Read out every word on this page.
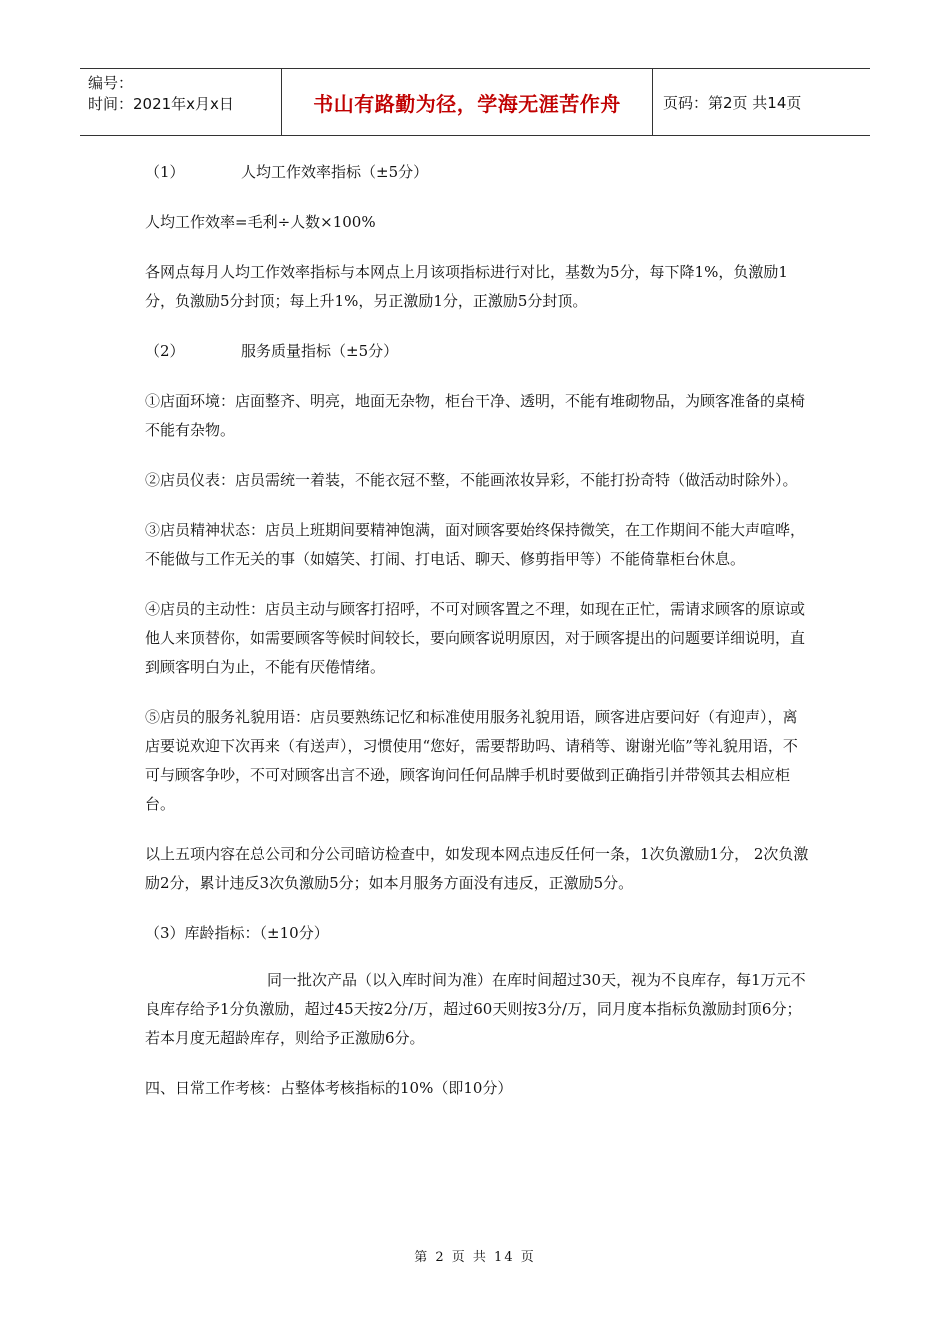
编号：
时间：2021年x月x日	书山有路勤为径，学海无涯苦作舟	页码：第2页 共14页

（1）	人均工作效率指标（±5分）

人均工作效率=毛利÷人数×100%

各网点每月人均工作效率指标与本网点上月该项指标进行对比，基数为5分，每下降1%，负激励1分，负激励5分封顶；每上升1%，另正激励1分，正激励5分封顶。

（2）	服务质量指标（±5分）

①店面环境：店面整齐、明亮，地面无杂物，柜台干净、透明，不能有堆砌物品，为顾客准备的桌椅不能有杂物。

②店员仪表：店员需统一着装，不能衣冠不整，不能画浓妆异彩，不能打扮奇特（做活动时除外）。

③店员精神状态：店员上班期间要精神饱满，面对顾客要始终保持微笑，在工作期间不能大声喧哗，不能做与工作无关的事（如嬉笑、打闹、打电话、聊天、修剪指甲等）不能倚靠柜台休息。

④店员的主动性：店员主动与顾客打招呼，不可对顾客置之不理，如现在正忙，需请求顾客的原谅或他人来顶替你，如需要顾客等候时间较长，要向顾客说明原因，对于顾客提出的问题要详细说明，直到顾客明白为止，不能有厌倦情绪。

⑤店员的服务礼貌用语：店员要熟练记忆和标准使用服务礼貌用语，顾客进店要问好（有迎声），离店要说欢迎下次再来（有送声），习惯使用“您好，需要帮助吗、请稍等、谢谢光临”等礼貌用语，不可与顾客争吵，不可对顾客出言不逊，顾客询问任何品牌手机时要做到正确指引并带领其去相应柜台。

以上五项内容在总公司和分公司暗访检查中，如发现本网点违反任何一条，1次负激励1分， 2次负激励2分，累计违反3次负激励5分；如本月服务方面没有违反，正激励5分。

（3）库龄指标：（±10分）

同一批次产品（以入库时间为准）在库时间超过30天，视为不良库存，每1万元不良库存给予1分负激励，超过45天按2分/万，超过60天则按3分/万，同月度本指标负激励封顶6分；若本月度无超龄库存，则给予正激励6分。

四、日常工作考核：占整体考核指标的10%（即10分）

第 2 页 共 14 页
